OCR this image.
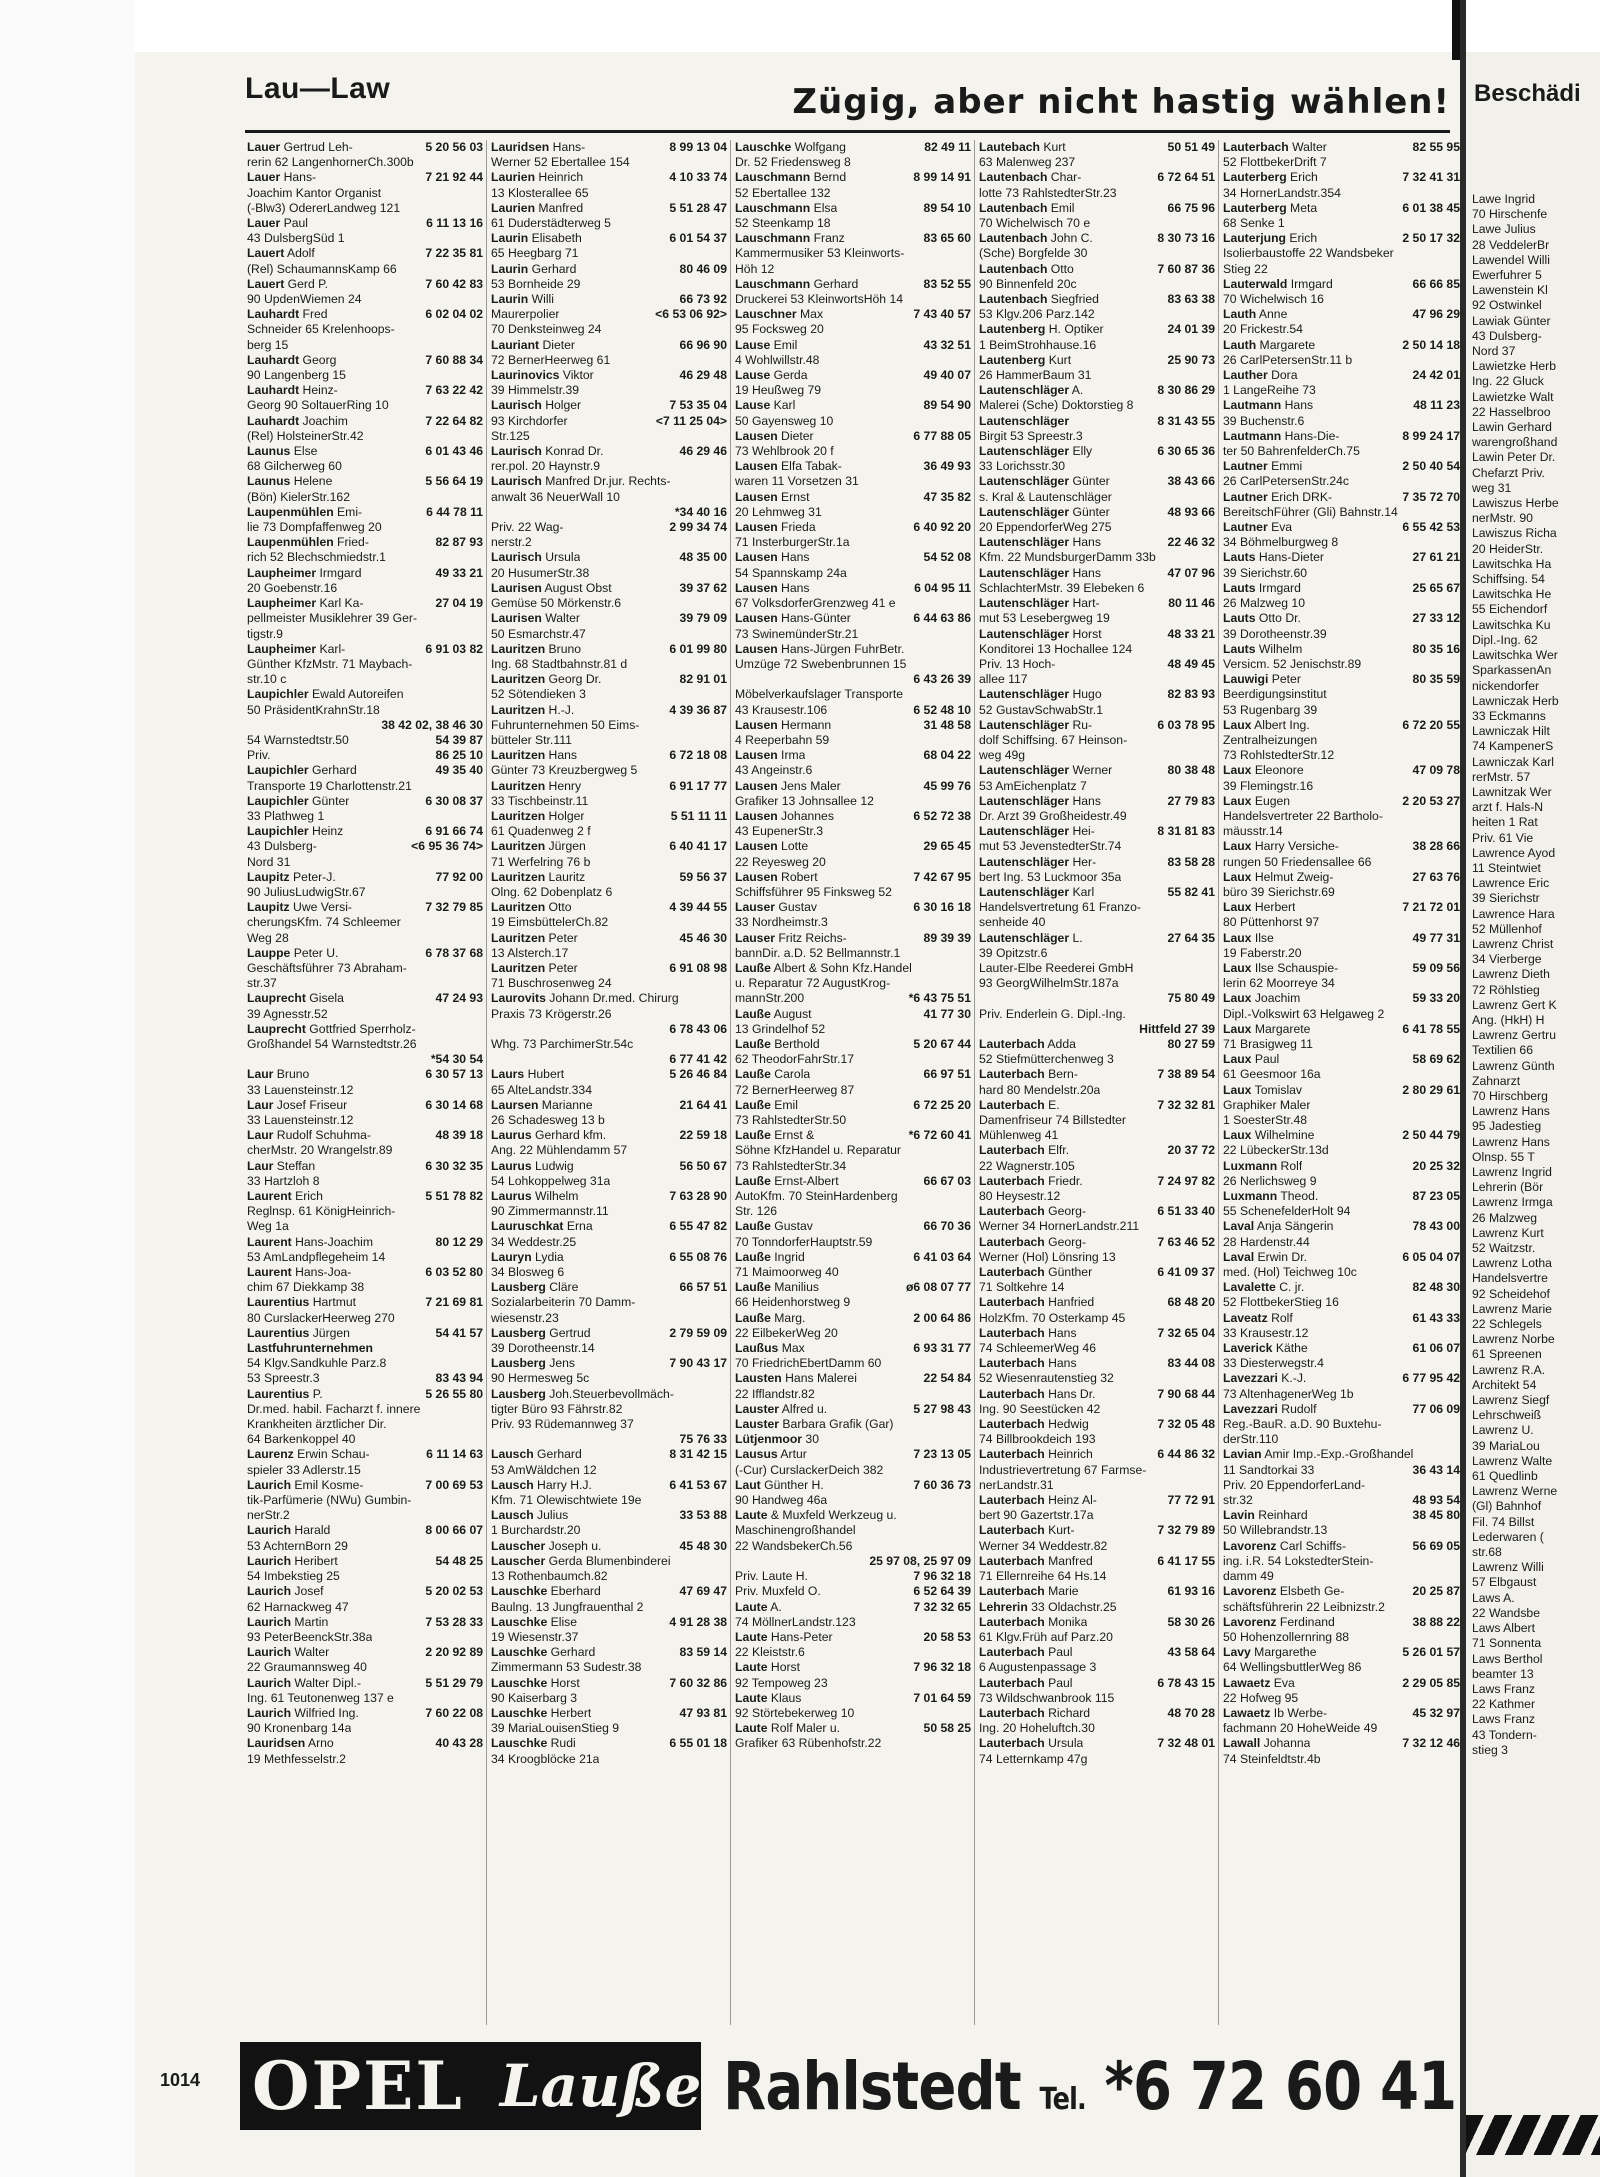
Lau—Law	Zügig, aber nicht hastig wählen!
Lauer Gertrud Leh-	5 20 56 03
rerin 62 LangenhornerCh.300b
Lauer Hans-	7 21 92 44
Joachim Kantor Organist
(-Blw3) OdererLandweg 121
Lauer Paul	6 11 13 16
43 DulsbergSüd 1
Lauert Adolf	7 22 35 81
(Rel) SchaumannsKamp 66
Lauert Gerd P.	7 60 42 83
90 UpdenWiemen 24
Lauhardt Fred	6 02 04 02
Schneider 65 Krelenhoops-
berg 15
Lauhardt Georg	7 60 88 34
90 Langenberg 15
Lauhardt Heinz-	7 63 22 42
Georg 90 SoltauerRing 10
Lauhardt Joachim	7 22 64 82
(Rel) HolsteinerStr.42
Launus Else	6 01 43 46
68 Gilcherweg 60
Launus Helene	5 56 64 19
(Bön) KielerStr.162
Laupenmühlen Emi-	6 44 78 11
lie 73 Dompfaffenweg 20
Laupenmühlen Fried-	82 87 93
rich 52 Blechschmiedstr.1
Laupheimer Irmgard	49 33 21
20 Goebenstr.16
Laupheimer Karl Ka-	27 04 19
pellmeister Musiklehrer 39 Ger-
tigstr.9
Laupheimer Karl-	6 91 03 82
Günther KfzMstr. 71 Maybach-
str.10 c
Laupichler Ewald Autoreifen
50 PräsidentKrahnStr.18
38 42 02, 38 46 30
54 Warnstedtstr.50	54 39 87
Priv.	86 25 10
Laupichler Gerhard	49 35 40
Transporte 19 Charlottenstr.21
Laupichler Günter	6 30 08 37
33 Plathweg 1
Laupichler Heinz	6 91 66 74
43 Dulsberg-	<6 95 36 74>
Nord 31
Laupitz Peter-J.	77 92 00
90 JuliusLudwigStr.67
Laupitz Uwe Versi-	7 32 79 85
cherungsKfm. 74 Schleemer
Weg 28
Lauppe Peter U.	6 78 37 68
Geschäftsführer 73 Abraham-
str.37
Lauprecht Gisela	47 24 93
39 Agnesstr.52
Lauprecht Gottfried Sperrholz-
Großhandel 54 Warnstedtstr.26
*54 30 54
Laur Bruno	6 30 57 13
33 Lauensteinstr.12
Laur Josef Friseur	6 30 14 68
33 Lauensteinstr.12
Laur Rudolf Schuhma-	48 39 18
cherMstr. 20 Wrangelstr.89
Laur Steffan	6 30 32 35
33 Hartzloh 8
Laurent Erich	5 51 78 82
Reglnsp. 61 KönigHeinrich-
Weg 1a
Laurent Hans-Joachim	80 12 29
53 AmLandpflegeheim 14
Laurent Hans-Joa-	6 03 52 80
chim 67 Diekkamp 38
Laurentius Hartmut	7 21 69 81
80 CurslackerHeerweg 270
Laurentius Jürgen	54 41 57
Lastfuhrunternehmen
54 Klgv.Sandkuhle Parz.8
53 Spreestr.3	83 43 94
Laurentius P.	5 26 55 80
Dr.med. habil. Facharzt f. innere
Krankheiten ärztlicher Dir.
64 Barkenkoppel 40
Laurenz Erwin Schau-	6 11 14 63
spieler 33 Adlerstr.15
Laurich Emil Kosme-	7 00 69 53
tik-Parfümerie (NWu) Gumbin-
nerStr.2
Laurich Harald	8 00 66 07
53 AchternBorn 29
Laurich Heribert	54 48 25
54 Imbekstieg 25
Laurich Josef	5 20 02 53
62 Harnackweg 47
Laurich Martin	7 53 28 33
93 PeterBeenckStr.38a
Laurich Walter	2 20 92 89
22 Graumannsweg 40
Laurich Walter Dipl.-	5 51 29 79
Ing. 61 Teutonenweg 137 e
Laurich Wilfried Ing.	7 60 22 08
90 Kronenbarg 14a
Lauridsen Arno	40 43 28
19 Methfesselstr.2
Lauridsen Hans-	8 99 13 04
Werner 52 Ebertallee 154
Laurien Heinrich	4 10 33 74
13 Klosterallee 65
Laurien Manfred	5 51 28 47
61 Duderstädterweg 5
Laurin Elisabeth	6 01 54 37
65 Heegbarg 71
Laurin Gerhard	80 46 09
53 Bornheide 29
Laurin Willi	66 73 92
Maurerpolier	<6 53 06 92>
70 Denksteinweg 24
Lauriant Dieter	66 96 90
72 BernerHeerweg 61
Laurinovics Viktor	46 29 48
39 Himmelstr.39
Laurisch Holger	7 53 35 04
93 Kirchdorfer	<7 11 25 04>
Str.125
Laurisch Konrad Dr.	46 29 46
rer.pol. 20 Haynstr.9
Laurisch Manfred Dr.jur. Rechts-
anwalt 36 NeuerWall 10
*34 40 16
Priv. 22 Wag-	2 99 34 74
nerstr.2
Laurisch Ursula	48 35 00
20 HusumerStr.38
Laurisen August Obst	39 37 62
Gemüse 50 Mörkenstr.6
Laurisen Walter	39 79 09
50 Esmarchstr.47
Lauritzen Bruno	6 01 99 80
Ing. 68 Stadtbahnstr.81 d
Lauritzen Georg Dr.	82 91 01
52 Sötendieken 3
Lauritzen H.-J.	4 39 36 87
Fuhrunternehmen 50 Eims-
bütteler Str.111
Lauritzen Hans	6 72 18 08
Günter 73 Kreuzbergweg 5
Lauritzen Henry	6 91 17 77
33 Tischbeinstr.11
Lauritzen Holger	5 51 11 11
61 Quadenweg 2 f
Lauritzen Jürgen	6 40 41 17
71 Werfelring 76 b
Lauritzen Lauritz	59 56 37
Olng. 62 Dobenplatz 6
Lauritzen Otto	4 39 44 55
19 EimsbüttelerCh.82
Lauritzen Peter	45 46 30
13 Alsterch.17
Lauritzen Peter	6 91 08 98
71 Buschrosenweg 24
Laurovits Johann Dr.med. Chirurg
Praxis 73 Krögerstr.26
6 78 43 06
Whg. 73 ParchimerStr.54c
6 77 41 42
Laurs Hubert	5 26 46 84
65 AlteLandstr.334
Laursen Marianne	21 64 41
26 Schadesweg 13 b
Laurus Gerhard kfm.	22 59 18
Ang. 22 Mühlendamm 57
Laurus Ludwig	56 50 67
54 Lohkoppelweg 31a
Laurus Wilhelm	7 63 28 90
90 Zimmermannstr.11
Lauruschkat Erna	6 55 47 82
34 Weddestr.25
Lauryn Lydia	6 55 08 76
34 Blosweg 6
Lausberg Cläre	66 57 51
Sozialarbeiterin 70 Damm-
wiesenstr.23
Lausberg Gertrud	2 79 59 09
39 Dorotheenstr.14
Lausberg Jens	7 90 43 17
90 Hermesweg 5c
Lausberg Joh.Steuerbevollmäch-
tigter Büro 93 Fährstr.82
Priv. 93 Rüdemannweg 37
75 76 33
Lausch Gerhard	8 31 42 15
53 AmWäldchen 12
Lausch Harry H.J.	6 41 53 67
Kfm. 71 Olewischtwiete 19e
Lausch Julius	33 53 88
1 Burchardstr.20
Lauscher Joseph u.	45 48 30
Lauscher Gerda Blumenbinderei
13 Rothenbaumch.82
Lauschke Eberhard	47 69 47
Baulng. 13 Jungfrauenthal 2
Lauschke Elise	4 91 28 38
19 Wiesenstr.37
Lauschke Gerhard	83 59 14
Zimmermann 53 Sudestr.38
Lauschke Horst	7 60 32 86
90 Kaiserbarg 3
Lauschke Herbert	47 93 81
39 MariaLouisenStieg 9
Lauschke Rudi	6 55 01 18
34 Kroogblöcke 21a
Lauschke Wolfgang	82 49 11
Dr. 52 Friedensweg 8
Lauschmann Bernd	8 99 14 91
52 Ebertallee 132
Lauschmann Elsa	89 54 10
52 Steenkamp 18
Lauschmann Franz	83 65 60
Kammermusiker 53 Kleinworts-
Höh 12
Lauschmann Gerhard	83 52 55
Druckerei 53 KleinwortsHöh 14
Lauschner Max	7 43 40 57
95 Focksweg 20
Lause Emil	43 32 51
4 Wohlwillstr.48
Lause Gerda	49 40 07
19 Heußweg 79
Lause Karl	89 54 90
50 Gayensweg 10
Lausen Dieter	6 77 88 05
73 Wehlbrook 20 f
Lausen Elfa Tabak-	36 49 93
waren 11 Vorsetzen 31
Lausen Ernst	47 35 82
20 Lehmweg 31
Lausen Frieda	6 40 92 20
71 InsterburgerStr.1a
Lausen Hans	54 52 08
54 Spannskamp 24a
Lausen Hans	6 04 95 11
67 VolksdorferGrenzweg 41 e
Lausen Hans-Günter	6 44 63 86
73 SwinemünderStr.21
Lausen Hans-Jürgen FuhrBetr.
Umzüge 72 Swebenbrunnen 15
6 43 26 39
Möbelverkaufslager Transporte
43 Krausestr.106	6 52 48 10
Lausen Hermann	31 48 58
4 Reeperbahn 59
Lausen Irma	68 04 22
43 Angeinstr.6
Lausen Jens Maler	45 99 76
Grafiker 13 Johnsallee 12
Lausen Johannes	6 52 72 38
43 EupenerStr.3
Lausen Lotte	29 65 45
22 Reyesweg 20
Lausen Robert	7 42 67 95
Schiffsführer 95 Finksweg 52
Lauser Gustav	6 30 16 18
33 Nordheimstr.3
Lauser Fritz Reichs-	89 39 39
bannDir. a.D. 52 Bellmannstr.1
Lauße Albert & Sohn Kfz.Handel
u. Reparatur 72 AugustKrog-
mannStr.200	*6 43 75 51
Lauße August	41 77 30
13 Grindelhof 52
Lauße Berthold	5 20 67 44
62 TheodorFahrStr.17
Lauße Carola	66 97 51
72 BernerHeerweg 87
Lauße Emil	6 72 25 20
73 RahlstedterStr.50
Lauße Ernst &	*6 72 60 41
Söhne KfzHandel u. Reparatur
73 RahlstedterStr.34
Lauße Ernst-Albert	66 67 03
AutoKfm. 70 SteinHardenberg
Str. 126
Lauße Gustav	66 70 36
70 TonndorferHauptstr.59
Lauße Ingrid	6 41 03 64
71 Maimoorweg 40
Lauße Manilius	ø6 08 07 77
66 Heidenhorstweg 9
Lauße Marg.	2 00 64 86
22 EilbekerWeg 20
Laußus Max	6 93 31 77
70 FriedrichEbertDamm 60
Lausten Hans Malerei	22 54 84
22 Ifflandstr.82
Lauster Alfred u.	5 27 98 43
Lauster Barbara Grafik (Gar)
Lütjenmoor 30
Lausus Artur	7 23 13 05
(-Cur) CurslackerDeich 382
Laut Günther H.	7 60 36 73
90 Handweg 46a
Laute & Muxfeld Werkzeug u.
Maschinengroßhandel
22 WandsbekerCh.56
25 97 08, 25 97 09
Priv. Laute H.	7 96 32 18
Priv. Muxfeld O.	6 52 64 39
Laute A.	7 32 32 65
74 MöllnerLandstr.123
Laute Hans-Peter	20 58 53
22 Kleiststr.6
Laute Horst	7 96 32 18
92 Tempoweg 23
Laute Klaus	7 01 64 59
92 Störtebekerweg 10
Laute Rolf Maler u.	50 58 25
Grafiker 63 Rübenhofstr.22
Lautebach Kurt	50 51 49
63 Malenweg 237
Lautenbach Char-	6 72 64 51
lotte 73 RahlstedterStr.23
Lautenbach Emil	66 75 96
70 Wichelwisch 70 e
Lautenbach John C.	8 30 73 16
(Sche) Borgfelde 30
Lautenbach Otto	7 60 87 36
90 Binnenfeld 20c
Lautenbach Siegfried	83 63 38
53 Klgv.206 Parz.142
Lautenberg H. Optiker	24 01 39
1 BeimStrohhause.16
Lautenberg Kurt	25 90 73
26 HammerBaum 31
Lautenschläger A.	8 30 86 29
Malerei (Sche) Doktorstieg 8
Lautenschläger	8 31 43 55
Birgit 53 Spreestr.3
Lautenschläger Elly	6 30 65 36
33 Lorichsstr.30
Lautenschläger Günter	38 43 66
s. Kral & Lautenschläger
Lautenschläger Günter	48 93 66
20 EppendorferWeg 275
Lautenschläger Hans	22 46 32
Kfm. 22 MundsburgerDamm 33b
Lautenschläger Hans	47 07 96
SchlachterMstr. 39 Elebeken 6
Lautenschläger Hart-	80 11 46
mut 53 Lesebergweg 19
Lautenschläger Horst	48 33 21
Konditorei 13 Hochallee 124
Priv. 13 Hoch-	48 49 45
allee 117
Lautenschläger Hugo	82 83 93
52 GustavSchwabStr.1
Lautenschläger Ru-	6 03 78 95
dolf Schiffsing. 67 Heinson-
weg 49g
Lautenschläger Werner	80 38 48
53 AmEichenplatz 7
Lautenschläger Hans	27 79 83
Dr. Arzt 39 Großheidestr.49
Lautenschläger Hei-	8 31 81 83
mut 53 JevenstedterStr.74
Lautenschläger Her-	83 58 28
bert Ing. 53 Luckmoor 35a
Lautenschläger Karl	55 82 41
Handelsvertretung 61 Franzo-
senheide 40
Lautenschläger L.	27 64 35
39 Opitzstr.6
Lauter-Elbe Reederei GmbH
93 GeorgWilhelmStr.187a
75 80 49
Priv. Enderlein G. Dipl.-Ing.
Hittfeld 27 39
Lauterbach Adda	80 27 59
52 Stiefmütterchenweg 3
Lauterbach Bern-	7 38 89 54
hard 80 Mendelstr.20a
Lauterbach E.	7 32 32 81
Damenfriseur 74 Billstedter
Mühlenweg 41
Lauterbach Elfr.	20 37 72
22 Wagnerstr.105
Lauterbach Friedr.	7 24 97 82
80 Heysestr.12
Lauterbach Georg-	6 51 33 40
Werner 34 HornerLandstr.211
Lauterbach Georg-	7 63 46 52
Werner (Hol) Lönsring 13
Lauterbach Günther	6 41 09 37
71 Soltkehre 14
Lauterbach Hanfried	68 48 20
HolzKfm. 70 Osterkamp 45
Lauterbach Hans	7 32 65 04
74 SchleemerWeg 46
Lauterbach Hans	83 44 08
52 Wiesenrautenstieg 32
Lauterbach Hans Dr.	7 90 68 44
Ing. 90 Seestücken 42
Lauterbach Hedwig	7 32 05 48
74 Billbrookdeich 193
Lauterbach Heinrich	6 44 86 32
Industrievertretung 67 Farmse-
nerLandstr.31
Lauterbach Heinz Al-	77 72 91
bert 90 Gazertstr.17a
Lauterbach Kurt-	7 32 79 89
Werner 34 Weddestr.82
Lauterbach Manfred	6 41 17 55
71 Ellernreihe 64 Hs.14
Lauterbach Marie	61 93 16
Lehrerin 33 Oldachstr.25
Lauterbach Monika	58 30 26
61 Klgv.Früh auf Parz.20
Lauterbach Paul	43 58 64
6 Augustenpassage 3
Lauterbach Paul	6 78 43 15
73 Wildschwanbrook 115
Lauterbach Richard	48 70 28
Ing. 20 Hoheluftch.30
Lauterbach Ursula	7 32 48 01
74 Letternkamp 47g
Lauterbach Walter	82 55 95
52 FlottbekerDrift 7
Lauterberg Erich	7 32 41 31
34 HornerLandstr.354
Lauterberg Meta	6 01 38 45
68 Senke 1
Lauterjung Erich	2 50 17 32
Isolierbaustoffe 22 Wandsbeker
Stieg 22
Lauterwald Irmgard	66 66 85
70 Wichelwisch 16
Lauth Anne	47 96 29
20 Frickestr.54
Lauth Margarete	2 50 14 18
26 CarlPetersenStr.11 b
Lauther Dora	24 42 01
1 LangeReihe 73
Lautmann Hans	48 11 23
39 Buchenstr.6
Lautmann Hans-Die-	8 99 24 17
ter 50 BahrenfelderCh.75
Lautner Emmi	2 50 40 54
26 CarlPetersenStr.24c
Lautner Erich DRK-	7 35 72 70
BereitschFührer (Gli) Bahnstr.14
Lautner Eva	6 55 42 53
34 Böhmelburgweg 8
Lauts Hans-Dieter	27 61 21
39 Sierichstr.60
Lauts Irmgard	25 65 67
26 Malzweg 10
Lauts Otto Dr.	27 33 12
39 Dorotheenstr.39
Lauts Wilhelm	80 35 16
Versicm. 52 Jenischstr.89
Lauwigi Peter	80 35 59
Beerdigungsinstitut
53 Rugenbarg 39
Laux Albert Ing.	6 72 20 55
Zentralheizungen
73 RohlstedterStr.12
Laux Eleonore	47 09 78
39 Flemingstr.16
Laux Eugen	2 20 53 27
Handelsvertreter 22 Bartholo-
mäusstr.14
Laux Harry Versiche-	38 28 66
rungen 50 Friedensallee 66
Laux Helmut Zweig-	27 63 76
büro 39 Sierichstr.69
Laux Herbert	7 21 72 01
80 Püttenhorst 97
Laux Ilse	49 77 31
19 Faberstr.20
Laux Ilse Schauspie-	59 09 56
lerin 62 Moorreye 34
Laux Joachim	59 33 20
Dipl.-Volkswirt 63 Helgaweg 2
Laux Margarete	6 41 78 55
71 Brasigweg 11
Laux Paul	58 69 62
61 Geesmoor 16a
Laux Tomislav	2 80 29 61
Graphiker Maler
1 SoesterStr.48
Laux Wilhelmine	2 50 44 79
22 LübeckerStr.13d
Luxmann Rolf	20 25 32
26 Nerlichsweg 9
Luxmann Theod.	87 23 05
55 SchenefelderHolt 94
Laval Anja Sängerin	78 43 00
28 Hardenstr.44
Laval Erwin Dr.	6 05 04 07
med. (Hol) Teichweg 10c
Lavalette C. jr.	82 48 30
52 FlottbekerStieg 16
Laveatz Rolf	61 43 33
33 Krausestr.12
Laverick Käthe	61 06 07
33 Diesterwegstr.4
Lavezzari K.-J.	6 77 95 42
73 AltenhagenerWeg 1b
Lavezzari Rudolf	77 06 09
Reg.-BauR. a.D. 90 Buxtehu-
derStr.110
Lavian Amir Imp.-Exp.-Großhandel
11 Sandtorkai 33	36 43 14
Priv. 20 EppendorferLand-
str.32	48 93 54
Lavin Reinhard	38 45 80
50 Willebrandstr.13
Lavorenz Carl Schiffs-	56 69 05
ing. i.R. 54 LokstedterStein-
damm 49
Lavorenz Elsbeth Ge-	20 25 87
schäftsführerin 22 Leibnizstr.2
Lavorenz Ferdinand	38 88 22
50 Hohenzollernring 88
Lavy Margarethe	5 26 01 57
64 WellingsbuttlerWeg 86
Lawaetz Eva	2 29 05 85
22 Hofweg 95
Lawaetz Ib Werbe-	45 32 97
fachmann 20 HoheWeide 49
Lawall Johanna	7 32 12 46
74 Steinfeldtstr.4b
1014 OPEL Lauße Rahlstedt Tel. *6 72 60 41
Beschädi
Lawe Ingrid
70 Hirschenfe
Lawe Julius
28 VeddelerBr
Lawendel Willi
Ewerfuhrer 5
Lawenstein Kl
92 Ostwinkel
Lawiak Günter
43 Dulsberg-
Nord 37
Lawietzke Herb
Ing. 22 Gluck
Lawietzke Walt
22 Hasselbroo
Lawin Gerhard
warengroßhand
Lawin Peter Dr.
Chefarzt Priv.
weg 31
Lawiszus Herbe
nerMstr. 90
Lawiszus Richa
20 HeiderStr.
Lawitschka Ha
Schiffsing. 54
Lawitschka He
55 Eichendorf
Lawitschka Ku
Dipl.-Ing. 62
Lawitschka Wer
SparkassenAn
nickendorfer
Lawniczak Herb
33 Eckmanns
Lawniczak Hilt
74 KampenerS
Lawniczak Karl
rerMstr. 57
Lawnitzak Wer
arzt f. Hals-N
heiten 1 Rat
Priv. 61 Vie
Lawrence Ayod
11 Steintwiet
Lawrence Eric
39 Sierichstr
Lawrence Hara
52 Müllenhof
Lawrenz Christ
34 Vierberge
Lawrenz Dieth
72 Röhlstieg
Lawrenz Gert K
Ang. (HkH) H
Lawrenz Gertru
Textilien 66
Lawrenz Günth
Zahnarzt
70 Hirschberg
Lawrenz Hans
95 Jadestieg
Lawrenz Hans
Olnsp. 55 T
Lawrenz Ingrid
Lehrerin (Bör
Lawrenz Irmga
26 Malzweg
Lawrenz Kurt
52 Waitzstr.
Lawrenz Lotha
Handelsvertre
92 Scheidehof
Lawrenz Marie
22 Schlegels
Lawrenz Norbe
61 Spreenen
Lawrenz R.A.
Architekt 54
Lawrenz Siegf
Lehrschweiß
Lawrenz U.
39 MariaLou
Lawrenz Walte
61 Quedlinb
Lawrenz Werne
(Gl) Bahnhof
Fil. 74 Billst
Lederwaren (
str.68
Lawrenz Willi
57 Elbgaust
Laws A.
22 Wandsbe
Laws Albert
71 Sonnenta
Laws Berthol
beamter 13
Laws Franz
22 Kathmer
Laws Franz
43 Tondern-
stieg 3
